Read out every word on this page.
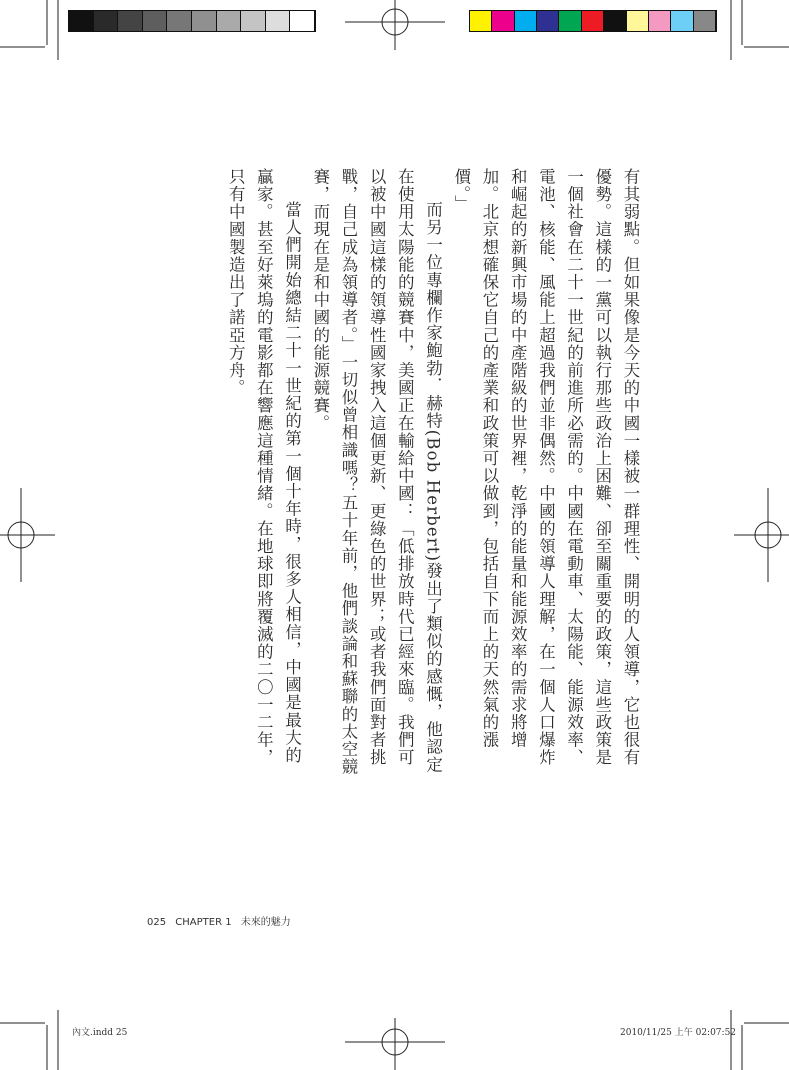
有其弱點。但如果像是今天的中國一樣被一群理性、開明的人領導，它也很有優勢。這樣的一黨可以執行那些政治上困難、卻至關重要的政策，這些政策是一個社會在二十一世紀的前進所必需的。中國在電動車、太陽能、能源效率、電池、核能、風能上超過我們並非偶然。中國的領導人理解，在一個人口爆炸和崛起的新興市場的中產階級的世界裡，乾淨的能量和能源效率的需求將增加。北京想確保它自己的產業和政策可以做到，包括自下而上的天然氣的漲價。」

而另一位專欄作家鮑勃．赫特(Bob Herbert)發出了類似的感慨，他認定在使用太陽能的競賽中，美國正在輸給中國：「低排放時代已經來臨。我們可以被中國這樣的領導性國家拽入這個更新、更綠色的世界；或者我們面對者挑戰，自己成為領導者。」一切似曾相識嗎？五十年前，他們談論和蘇聯的太空競賽，而現在是和中國的能源競賽。

當人們開始總結二十一世紀的第一個十年時，很多人相信，中國是最大的贏家。甚至好萊塢的電影都在響應這種情緒。在地球即將覆滅的二〇一二年，只有中國製造出了諾亞方舟。

025 CHAPTER 1 未來的魅力
內文.indd 25	2010/11/25 上午 02:07:52
